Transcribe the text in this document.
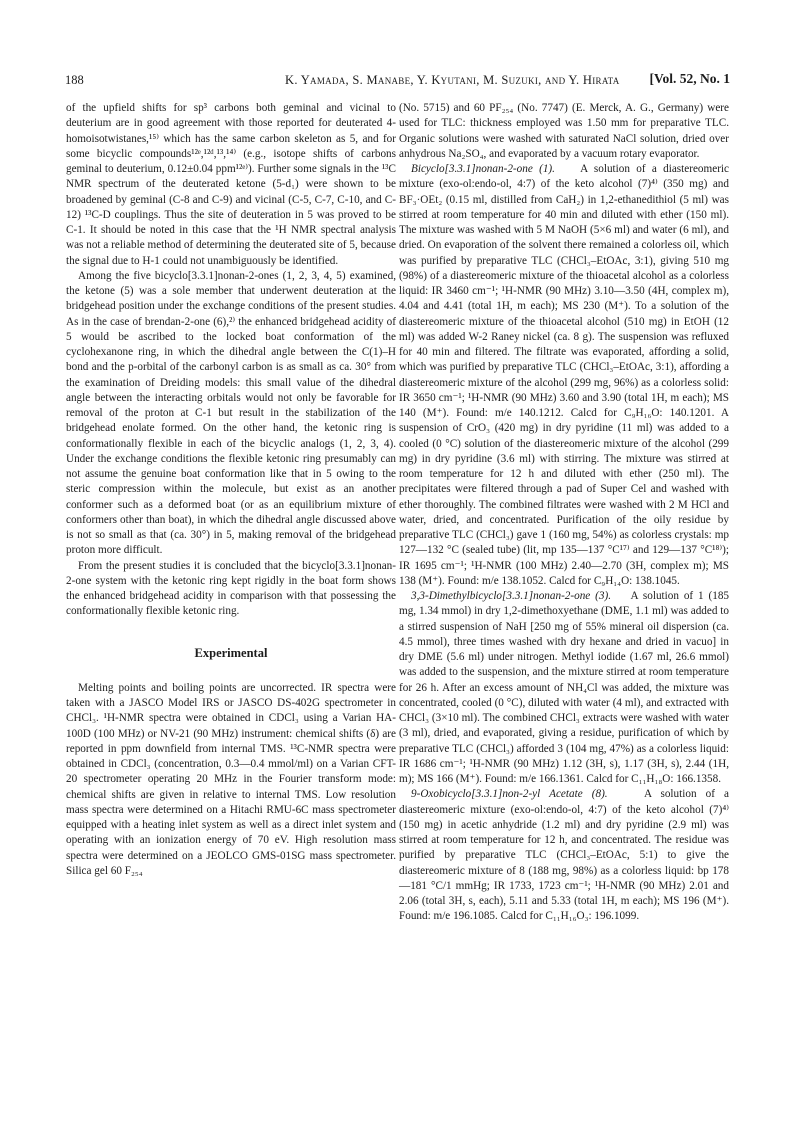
188	K. Yamada, S. Manabe, Y. Kyutani, M. Suzuki, and Y. Hirata [Vol. 52, No. 1

of the upfield shifts for sp³ carbons both geminal and vicinal to deuterium are in good agreement with those reported for deuterated 4-homoisotwistanes,¹⁵⁾ which has the same carbon skeleton as 5, and for some bicyclic compounds¹²ᵉ,¹²ᵈ,¹³,¹⁴⁾ (e.g., isotope shifts of carbons geminal to deuterium, 0.12±0.04 ppm¹²ᵉ⁾). Further some signals in the ¹³C NMR spectrum of the deuterated ketone (5-d₁) were shown to be broadened by geminal (C-8 and C-9) and vicinal (C-5, C-7, C-10, and C-12) ¹³C-D couplings. Thus the site of deuteration in 5 was proved to be C-1. It should be noted in this case that the ¹H NMR spectral analysis was not a reliable method of determining the deuterated site of 5, because the signal due to H-1 could not unambiguously be identified.

Among the five bicyclo[3.3.1]nonan-2-ones (1, 2, 3, 4, 5) examined, the ketone (5) was a sole member that underwent deuteration at the bridgehead position under the exchange conditions of the present studies. As in the case of brendan-2-one (6),²⁾ the enhanced bridgehead acidity of 5 would be ascribed to the locked boat conformation of the cyclohexanone ring, in which the dihedral angle between the C(1)–H bond and the p-orbital of the carbonyl carbon is as small as ca. 30° from the examination of Dreiding models: this small value of the dihedral angle between the interacting orbitals would not only be favorable for removal of the proton at C-1 but result in the stabilization of the bridgehead enolate formed. On the other hand, the ketonic ring is conformationally flexible in each of the bicyclic analogs (1, 2, 3, 4). Under the exchange conditions the flexible ketonic ring presumably can not assume the genuine boat conformation like that in 5 owing to the steric compression within the molecule, but exist as an another conformer such as a deformed boat (or as an equilibrium mixture of conformers other than boat), in which the dihedral angle discussed above is not so small as that (ca. 30°) in 5, making removal of the bridgehead proton more difficult.

From the present studies it is concluded that the bicyclo[3.3.1]nonan-2-one system with the ketonic ring kept rigidly in the boat form shows the enhanced bridgehead acidity in comparison with that possessing the conformationally flexible ketonic ring.

Experimental

Melting points and boiling points are uncorrected. IR spectra were taken with a JASCO Model IRS or JASCO DS-402G spectrometer in CHCl₃. ¹H-NMR spectra were obtained in CDCl₃ using a Varian HA-100D (100 MHz) or NV-21 (90 MHz) instrument: chemical shifts (δ) are reported in ppm downfield from internal TMS. ¹³C-NMR spectra were obtained in CDCl₃ (concentration, 0.3—0.4 mmol/ml) on a Varian CFT-20 spectrometer operating 20 MHz in the Fourier transform mode: chemical shifts are given in relative to internal TMS. Low resolution mass spectra were determined on a Hitachi RMU-6C mass spectrometer equipped with a heating inlet system as well as a direct inlet system and operating with an ionization energy of 70 eV. High resolution mass spectra were determined on a JEOLCO GMS-01SG mass spectrometer. Silica gel 60 F₂₅₄

(No. 5715) and 60 PF₂₅₄ (No. 7747) (E. Merck, A. G., Germany) were used for TLC: thickness employed was 1.50 mm for preparative TLC. Organic solutions were washed with saturated NaCl solution, dried over anhydrous Na₂SO₄, and evaporated by a vacuum rotary evaporator.

Bicyclo[3.3.1]nonan-2-one (1). A solution of a diastereomeric mixture (exo-ol:endo-ol, 4:7) of the keto alcohol (7)⁴⁾ (350 mg) and BF₃·OEt₂ (0.15 ml, distilled from CaH₂) in 1,2-ethanedithiol (5 ml) was stirred at room temperature for 40 min and diluted with ether (150 ml). The mixture was washed with 5 M NaOH (5×6 ml) and water (6 ml), and dried. On evaporation of the solvent there remained a colorless oil, which was purified by preparative TLC (CHCl₃–EtOAc, 3:1), giving 510 mg (98%) of a diastereomeric mixture of the thioacetal alcohol as a colorless liquid: IR 3460 cm⁻¹; ¹H-NMR (90 MHz) 3.10—3.50 (4H, complex m), 4.04 and 4.41 (total 1H, m each); MS 230 (M⁺). To a solution of the diastereomeric mixture of the thioacetal alcohol (510 mg) in EtOH (12 ml) was added W-2 Raney nickel (ca. 8 g). The suspension was refluxed for 40 min and filtered. The filtrate was evaporated, affording a solid, which was purified by preparative TLC (CHCl₃–EtOAc, 3:1), affording a diastereomeric mixture of the alcohol (299 mg, 96%) as a colorless solid: IR 3650 cm⁻¹; ¹H-NMR (90 MHz) 3.60 and 3.90 (total 1H, m each); MS 140 (M⁺). Found: m/e 140.1212. Calcd for C₉H₁₆O: 140.1201. A suspension of CrO₃ (420 mg) in dry pyridine (11 ml) was added to a cooled (0 °C) solution of the diastereomeric mixture of the alcohol (299 mg) in dry pyridine (3.6 ml) with stirring. The mixture was stirred at room temperature for 12 h and diluted with ether (250 ml). The precipitates were filtered through a pad of Super Cel and washed with ether thoroughly. The combined filtrates were washed with 2 M HCl and water, dried, and concentrated. Purification of the oily residue by preparative TLC (CHCl₃) gave 1 (160 mg, 54%) as colorless crystals: mp 127—132 °C (sealed tube) (lit, mp 135—137 °C¹⁷⁾ and 129—137 °C¹⁸⁾); IR 1695 cm⁻¹; ¹H-NMR (100 MHz) 2.40—2.70 (3H, complex m); MS 138 (M⁺). Found: m/e 138.1052. Calcd for C₉H₁₄O: 138.1045.

3,3-Dimethylbicyclo[3.3.1]nonan-2-one (3). A solution of 1 (185 mg, 1.34 mmol) in dry 1,2-dimethoxyethane (DME, 1.1 ml) was added to a stirred suspension of NaH [250 mg of 55% mineral oil dispersion (ca. 4.5 mmol), three times washed with dry hexane and dried in vacuo] in dry DME (5.6 ml) under nitrogen. Methyl iodide (1.67 ml, 26.6 mmol) was added to the suspension, and the mixture stirred at room temperature for 26 h. After an excess amount of NH₄Cl was added, the mixture was concentrated, cooled (0 °C), diluted with water (4 ml), and extracted with CHCl₃ (3×10 ml). The combined CHCl₃ extracts were washed with water (3 ml), dried, and evaporated, giving a residue, purification of which by preparative TLC (CHCl₃) afforded 3 (104 mg, 47%) as a colorless liquid: IR 1686 cm⁻¹; ¹H-NMR (90 MHz) 1.12 (3H, s), 1.17 (3H, s), 2.44 (1H, m); MS 166 (M⁺). Found: m/e 166.1361. Calcd for C₁₁H₁₈O: 166.1358.

9-Oxobicyclo[3.3.1]non-2-yl Acetate (8).	A solution of a diastereomeric mixture (exo-ol:endo-ol, 4:7) of the keto alcohol (7)⁴⁾ (150 mg) in acetic anhydride (1.2 ml) and dry pyridine (2.9 ml) was stirred at room temperature for 12 h, and concentrated. The residue was purified by preparative TLC (CHCl₃–EtOAc, 5:1) to give the diastereomeric mixture of 8 (188 mg, 98%) as a colorless liquid: bp 178—181 °C/1 mmHg; IR 1733, 1723 cm⁻¹; ¹H-NMR (90 MHz) 2.01 and 2.06 (total 3H, s, each), 5.11 and 5.33 (total 1H, m each); MS 196 (M⁺). Found: m/e 196.1085. Calcd for C₁₁H₁₆O₃: 196.1099.
